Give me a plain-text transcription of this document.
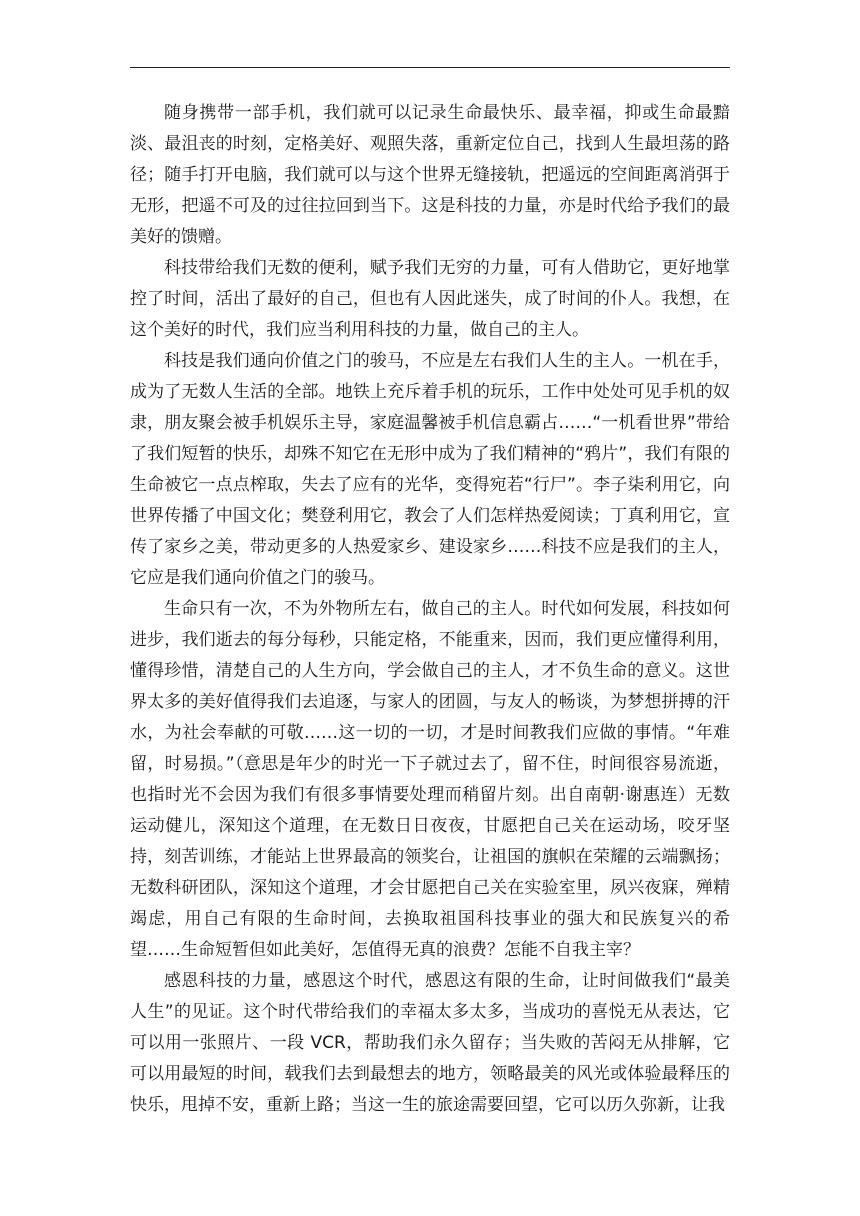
随身携带一部手机，我们就可以记录生命最快乐、最幸福，抑或生命最黯淡、最沮丧的时刻，定格美好、观照失落，重新定位自己，找到人生最坦荡的路径；随手打开电脑，我们就可以与这个世界无缝接轨，把遥远的空间距离消弭于无形，把遥不可及的过往拉回到当下。这是科技的力量，亦是时代给予我们的最美好的馈赠。

科技带给我们无数的便利，赋予我们无穷的力量，可有人借助它，更好地掌控了时间，活出了最好的自己，但也有人因此迷失，成了时间的仆人。我想，在这个美好的时代，我们应当利用科技的力量，做自己的主人。

科技是我们通向价值之门的骏马，不应是左右我们人生的主人。一机在手，成为了无数人生活的全部。地铁上充斥着手机的玩乐，工作中处处可见手机的奴隶，朋友聚会被手机娱乐主导，家庭温馨被手机信息霸占……“一机看世界”带给了我们短暂的快乐，却殊不知它在无形中成为了我们精神的“鸦片”，我们有限的生命被它一点点榨取，失去了应有的光华，变得宛若“行尸”。李子柒利用它，向世界传播了中国文化；樊登利用它，教会了人们怎样热爱阅读；丁真利用它，宣传了家乡之美，带动更多的人热爱家乡、建设家乡……科技不应是我们的主人，它应是我们通向价值之门的骏马。

生命只有一次，不为外物所左右，做自己的主人。时代如何发展，科技如何进步，我们逝去的每分每秒，只能定格，不能重来，因而，我们更应懂得利用，懂得珍惜，清楚自己的人生方向，学会做自己的主人，才不负生命的意义。这世界太多的美好值得我们去追逐，与家人的团圆，与友人的畅谈，为梦想拼搏的汗水，为社会奉献的可敬……这一切的一切，才是时间教我们应做的事情。“年难留，时易损。”（意思是年少的时光一下子就过去了，留不住，时间很容易流逝，也指时光不会因为我们有很多事情要处理而稍留片刻。出自南朝·谢惠连）无数运动健儿，深知这个道理，在无数日日夜夜，甘愿把自己关在运动场，咬牙坚持，刻苦训练，才能站上世界最高的领奖台，让祖国的旗帜在荣耀的云端飘扬；无数科研团队，深知这个道理，才会甘愿把自己关在实验室里，夙兴夜寐，殚精竭虑，用自己有限的生命时间，去换取祖国科技事业的强大和民族复兴的希望……生命短暂但如此美好，怎值得无真的浪费？怎能不自我主宰？

感恩科技的力量，感恩这个时代，感恩这有限的生命，让时间做我们“最美人生”的见证。这个时代带给我们的幸福太多太多，当成功的喜悦无从表达，它可以用一张照片、一段 VCR，帮助我们永久留存；当失败的苦闷无从排解，它可以用最短的时间，载我们去到最想去的地方，领略最美的风光或体验最释压的快乐，甩掉不安，重新上路；当这一生的旅途需要回望，它可以历久弥新，让我
